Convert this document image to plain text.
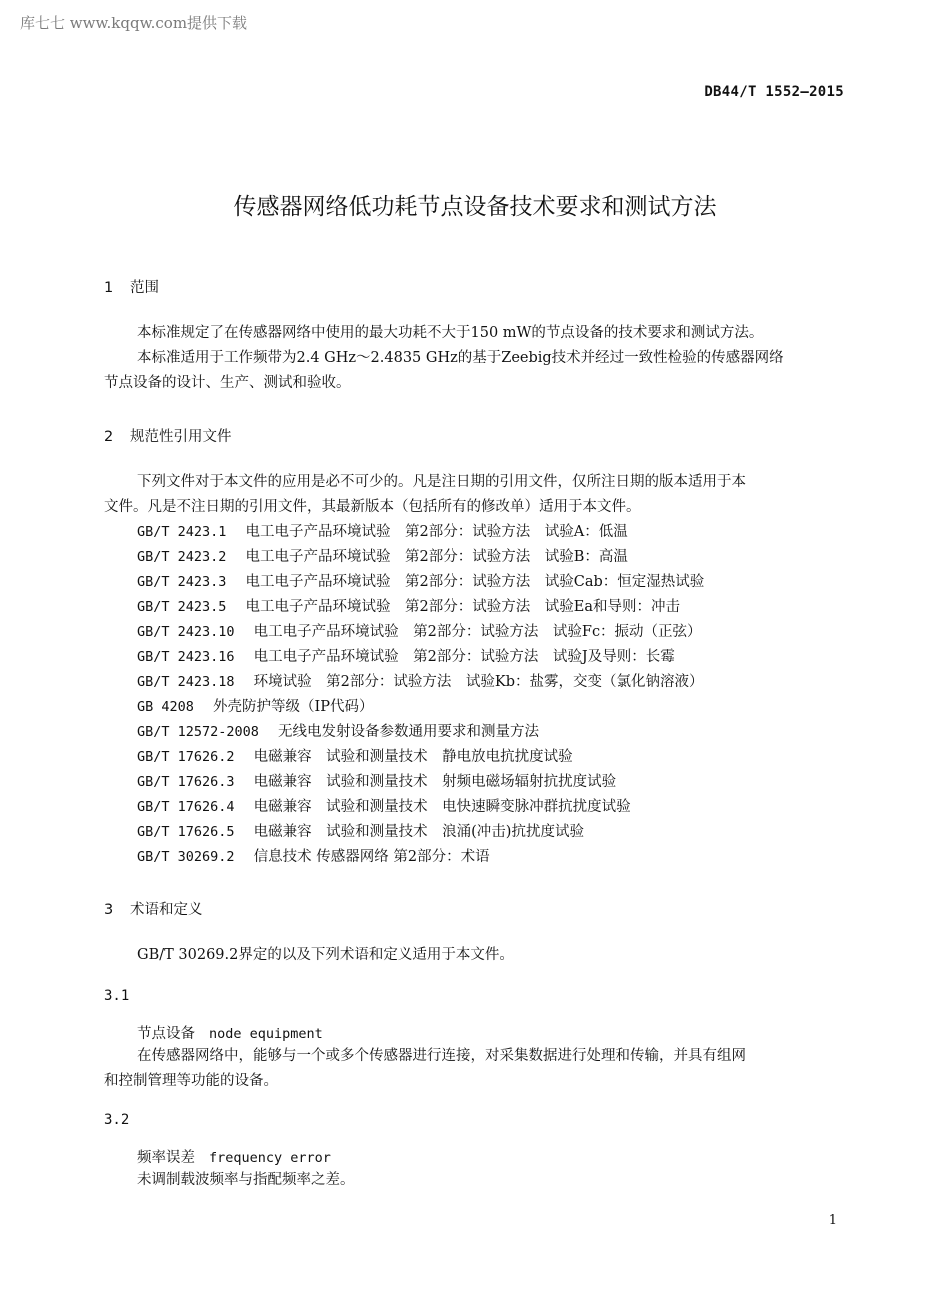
库七七 www.kqqw.com提供下载
DB44/T 1552—2015
传感器网络低功耗节点设备技术要求和测试方法
1 范围
本标准规定了在传感器网络中使用的最大功耗不大于150 mW的节点设备的技术要求和测试方法。
本标准适用于工作频带为2.4 GHz～2.4835 GHz的基于Zeebig技术并经过一致性检验的传感器网络
节点设备的设计、生产、测试和验收。
2 规范性引用文件
下列文件对于本文件的应用是必不可少的。凡是注日期的引用文件，仅所注日期的版本适用于本
文件。凡是不注日期的引用文件，其最新版本（包括所有的修改单）适用于本文件。
GB/T 2423.1　 电工电子产品环境试验　第2部分：试验方法　试验A：低温
GB/T 2423.2　 电工电子产品环境试验　第2部分：试验方法　试验B：高温
GB/T 2423.3　 电工电子产品环境试验　第2部分：试验方法　试验Cab：恒定湿热试验
GB/T 2423.5　 电工电子产品环境试验　第2部分：试验方法　试验Ea和导则：冲击
GB/T 2423.10　 电工电子产品环境试验　第2部分：试验方法　试验Fc：振动（正弦）
GB/T 2423.16　 电工电子产品环境试验　第2部分：试验方法　试验J及导则：长霉
GB/T 2423.18　 环境试验　第2部分：试验方法　试验Kb：盐雾，交变（氯化钠溶液）
GB 4208　 外壳防护等级（IP代码）
GB/T 12572-2008　 无线电发射设备参数通用要求和测量方法
GB/T 17626.2　 电磁兼容　试验和测量技术　静电放电抗扰度试验
GB/T 17626.3　 电磁兼容　试验和测量技术　射频电磁场辐射抗扰度试验
GB/T 17626.4　 电磁兼容　试验和测量技术　电快速瞬变脉冲群抗扰度试验
GB/T 17626.5　 电磁兼容　试验和测量技术　浪涌(冲击)抗扰度试验
GB/T 30269.2　 信息技术 传感器网络 第2部分：术语
3 术语和定义
GB/T 30269.2界定的以及下列术语和定义适用于本文件。
3.1
节点设备 node equipment
在传感器网络中，能够与一个或多个传感器进行连接，对采集数据进行处理和传输，并具有组网
和控制管理等功能的设备。
3.2
频率误差 frequency error
未调制载波频率与指配频率之差。
1
